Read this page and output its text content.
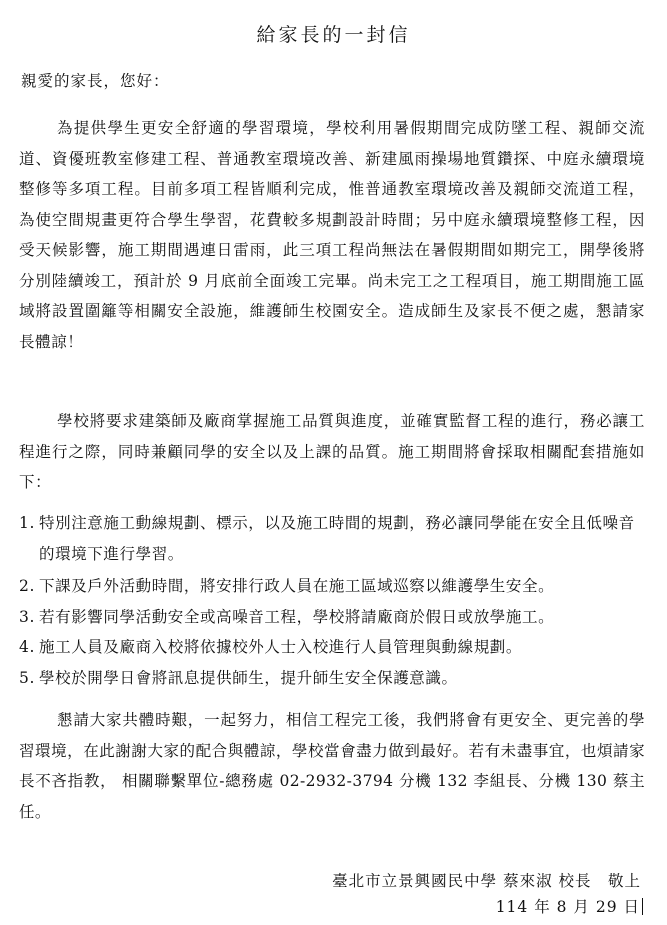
給家長的一封信
親愛的家長，您好：
為提供學生更安全舒適的學習環境，學校利用暑假期間完成防墜工程、親師交流道、資優班教室修建工程、普通教室環境改善、新建風雨操場地質鑽探、中庭永續環境整修等多項工程。目前多項工程皆順利完成，惟普通教室環境改善及親師交流道工程，為使空間規畫更符合學生學習，花費較多規劃設計時間；另中庭永續環境整修工程，因受天候影響，施工期間遇連日雷雨，此三項工程尚無法在暑假期間如期完工，開學後將分別陸續竣工，預計於 9 月底前全面竣工完畢。尚未完工之工程項目，施工期間施工區域將設置圍籬等相關安全設施，維護師生校園安全。造成師生及家長不便之處，懇請家長體諒！
學校將要求建築師及廠商掌握施工品質與進度，並確實監督工程的進行，務必讓工程進行之際，同時兼顧同學的安全以及上課的品質。施工期間將會採取相關配套措施如下：
1. 特別注意施工動線規劃、標示，以及施工時間的規劃，務必讓同學能在安全且低噪音的環境下進行學習。
2. 下課及戶外活動時間，將安排行政人員在施工區域巡察以維護學生安全。
3. 若有影響同學活動安全或高噪音工程，學校將請廠商於假日或放學施工。
4. 施工人員及廠商入校將依據校外人士入校進行人員管理與動線規劃。
5. 學校於開學日會將訊息提供師生，提升師生安全保護意識。
懇請大家共體時艱，一起努力，相信工程完工後，我們將會有更安全、更完善的學習環境，在此謝謝大家的配合與體諒，學校當會盡力做到最好。若有未盡事宜，也煩請家長不吝指教， 相關聯繫單位-總務處 02-2932-3794 分機 132 李組長、分機 130 蔡主任。
臺北市立景興國民中學 蔡來淑 校長　敬上
114 年 8 月 29 日
